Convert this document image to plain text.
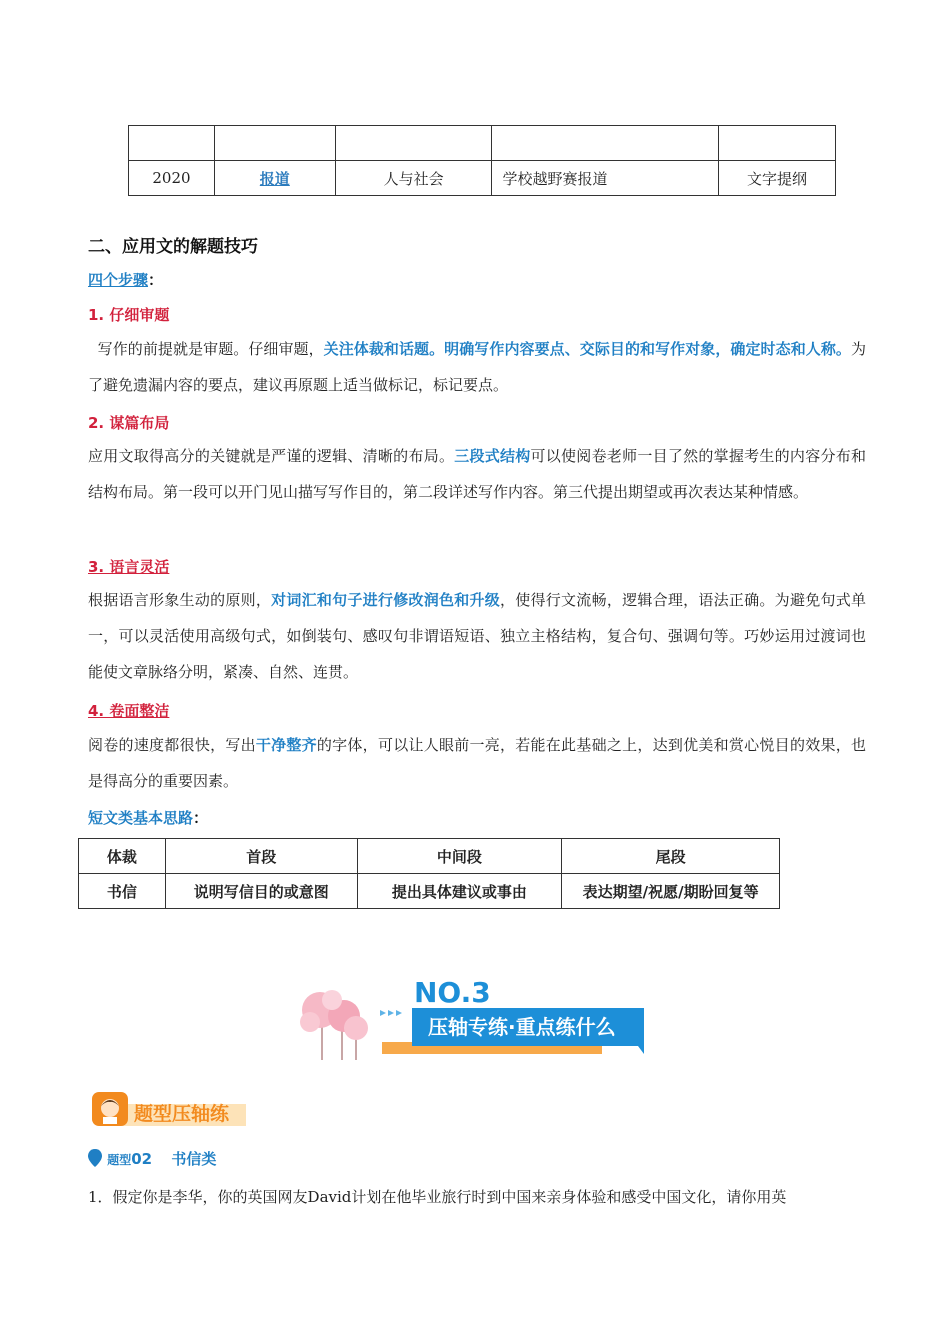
2020	报道	人与社会	学校越野赛报道	文字提纲
二、应用文的解题技巧
四个步骤：
1. 仔细审题
写作的前提就是审题。仔细审题，关注体裁和话题。明确写作内容要点、交际目的和写作对象，确定时态和人称。为了避免遗漏内容的要点，建议再原题上适当做标记，标记要点。
2. 谋篇布局
应用文取得高分的关键就是严谨的逻辑、清晰的布局。三段式结构可以使阅卷老师一目了然的掌握考生的内容分布和结构布局。第一段可以开门见山描写写作目的，第二段详述写作内容。第三代提出期望或再次表达某种情感。
3. 语言灵活
根据语言形象生动的原则，对词汇和句子进行修改润色和升级，使得行文流畅，逻辑合理，语法正确。为避免句式单一，可以灵活使用高级句式，如倒装句、感叹句非谓语短语、独立主格结构，复合句、强调句等。巧妙运用过渡词也能使文章脉络分明，紧凑、自然、连贯。
4. 卷面整洁
阅卷的速度都很快，写出干净整齐的字体，可以让人眼前一亮，若能在此基础之上，达到优美和赏心悦目的效果，也是得高分的重要因素。
短文类基本思路：
体裁	首段	中间段	尾段
书信	说明写信目的或意图	提出具体建议或事由	表达期望/祝愿/期盼回复等
NO.3
压轴专练·重点练什么
题型压轴练
题型02 书信类
1．假定你是李华，你的英国网友David计划在他毕业旅行时到中国来亲身体验和感受中国文化，请你用英
